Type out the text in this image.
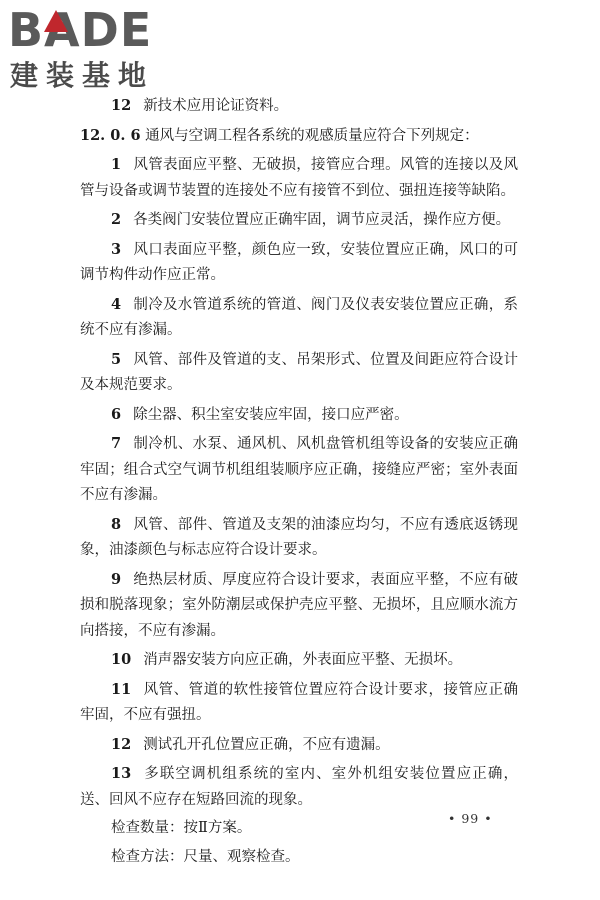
BADE
建装基地

12 新技术应用论证资料。

12. 0. 6 通风与空调工程各系统的观感质量应符合下列规定：

1 风管表面应平整、无破损，接管应合理。风管的连接以及风管与设备或调节装置的连接处不应有接管不到位、强扭连接等缺陷。

2 各类阀门安装位置应正确牢固，调节应灵活，操作应方便。

3 风口表面应平整，颜色应一致，安装位置应正确，风口的可调节构件动作应正常。

4 制冷及水管道系统的管道、阀门及仪表安装位置应正确，系统不应有渗漏。

5 风管、部件及管道的支、吊架形式、位置及间距应符合设计及本规范要求。

6 除尘器、积尘室安装应牢固，接口应严密。

7 制冷机、水泵、通风机、风机盘管机组等设备的安装应正确牢固；组合式空气调节机组组装顺序应正确，接缝应严密；室外表面不应有渗漏。

8 风管、部件、管道及支架的油漆应均匀，不应有透底返锈现象，油漆颜色与标志应符合设计要求。

9 绝热层材质、厚度应符合设计要求，表面应平整，不应有破损和脱落现象；室外防潮层或保护壳应平整、无损坏，且应顺水流方向搭接，不应有渗漏。

10 消声器安装方向应正确，外表面应平整、无损坏。

11 风管、管道的软性接管位置应符合设计要求，接管应正确牢固，不应有强扭。

12 测试孔开孔位置应正确，不应有遗漏。

13 多联空调机组系统的室内、室外机组安装位置应正确，送、回风不应存在短路回流的现象。

检查数量：按Ⅱ方案。

检查方法：尺量、观察检查。

• 99 •
